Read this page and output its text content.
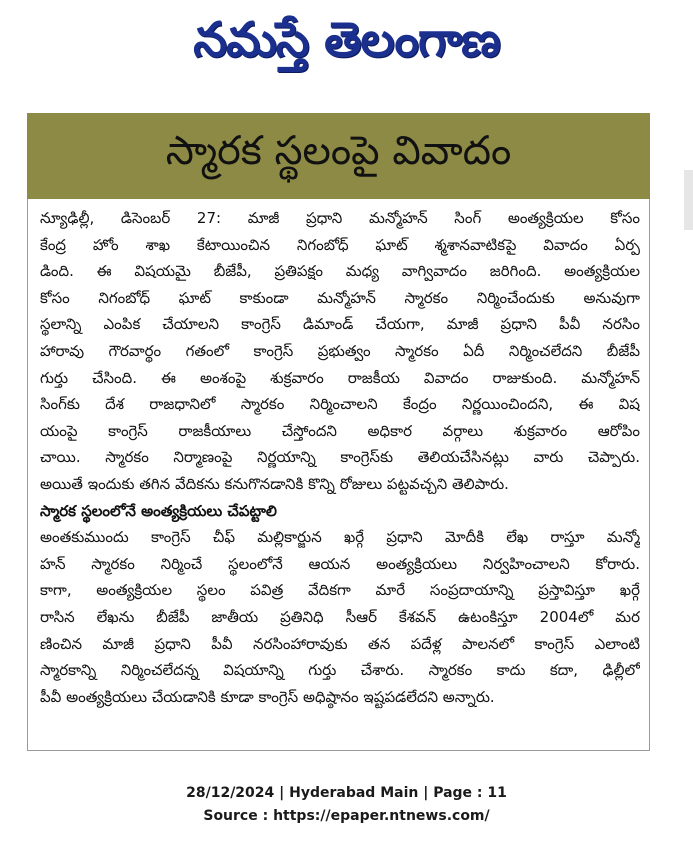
నమస్తే తెలంగాణ
స్మారక స్థలంపై వివాదం
న్యూఢిల్లీ, డిసెంబర్ 27: మాజీ ప్రధాని మన్మోహన్ సింగ్ అంత్యక్రియల కోసం
కేంద్ర హోం శాఖ కేటాయించిన నిగంబోధ్ ఘాట్ శ్మశానవాటికపై వివాదం ఏర్ప
డింది. ఈ విషయమై బీజేపీ, ప్రతిపక్షం మధ్య వాగ్వివాదం జరిగింది. అంత్యక్రియల
కోసం నిగంబోధ్ ఘాట్ కాకుండా మన్మోహన్ స్మారకం నిర్మించేందుకు అనువుగా
స్థలాన్ని ఎంపిక చేయాలని కాంగ్రెస్ డిమాండ్ చేయగా, మాజీ ప్రధాని పీవీ నరసిం
హారావు గౌరవార్థం గతంలో కాంగ్రెస్ ప్రభుత్వం స్మారకం ఏదీ నిర్మించలేదని బీజేపీ
గుర్తు చేసింది. ఈ అంశంపై శుక్రవారం రాజకీయ వివాదం రాజుకుంది. మన్మోహన్
సింగ్‌కు దేశ రాజధానిలో స్మారకం నిర్మించాలని కేంద్రం నిర్ణయించిందని, ఈ విష
యంపై కాంగ్రెస్ రాజకీయాలు చేస్తోందని అధికార వర్గాలు శుక్రవారం ఆరోపిం
చాయి. స్మారకం నిర్మాణంపై నిర్ణయాన్ని కాంగ్రెస్‌కు తెలియచేసినట్లు వారు చెప్పారు.
అయితే ఇందుకు తగిన వేదికను కనుగొనడానికి కొన్ని రోజులు పట్టవచ్చని తెలిపారు.
స్మారక స్థలంలోనే అంత్యక్రియలు చేపట్టాలి
అంతకుముందు కాంగ్రెస్ చీఫ్ మల్లికార్జున ఖర్గే ప్రధాని మోదీకి లేఖ రాస్తూ మన్మో
హన్ స్మారకం నిర్మించే స్థలంలోనే ఆయన అంత్యక్రియలు నిర్వహించాలని కోరారు.
కాగా, అంత్యక్రియల స్థలం పవిత్ర వేదికగా మారే సంప్రదాయాన్ని ప్రస్తావిస్తూ ఖర్గే
రాసిన లేఖను బీజేపీ జాతీయ ప్రతినిధి సీఆర్ కేశవన్ ఉటంకిస్తూ 2004లో మర
ణించిన మాజీ ప్రధాని పీవీ నరసింహారావుకు తన పదేళ్ల పాలనలో కాంగ్రెస్ ఎలాంటి
స్మారకాన్ని నిర్మించలేదన్న విషయాన్ని గుర్తు చేశారు. స్మారకం కాదు కదా, ఢిల్లీలో
పీవీ అంత్యక్రియలు చేయడానికి కూడా కాంగ్రెస్ అధిష్ఠానం ఇష్టపడలేదని అన్నారు.
28/12/2024 | Hyderabad Main | Page : 11
Source : https://epaper.ntnews.com/
